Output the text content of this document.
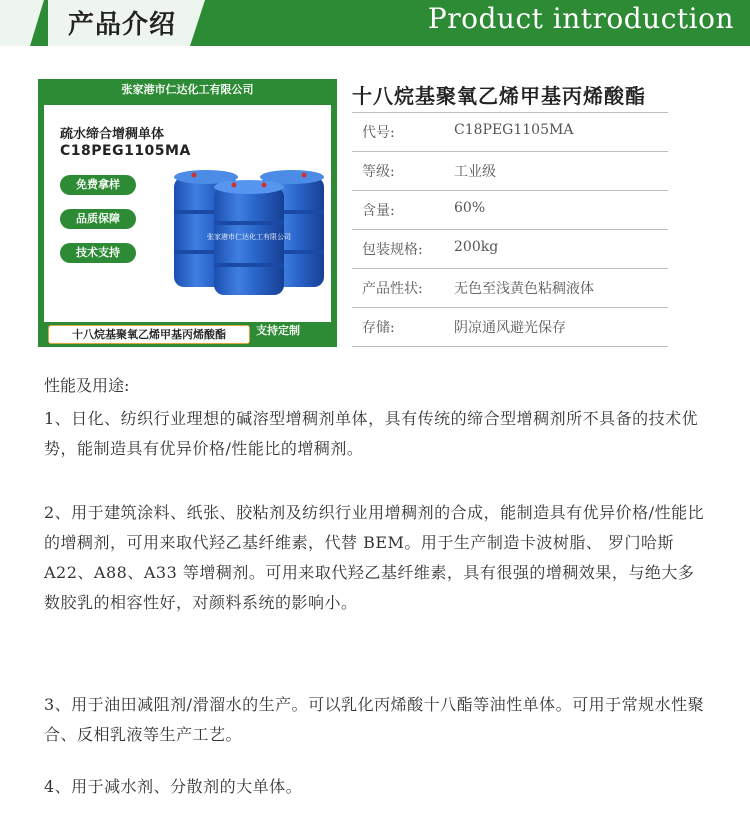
产品介绍	Product introduction
张家港市仁达化工有限公司
疏水缔合增稠单体
C18PEG1105MA
免费拿样
品质保障
技术支持
张家港市仁达化工有限公司
工厂直销
支持定制
十八烷基聚氧乙烯甲基丙烯酸酯
十八烷基聚氧乙烯甲基丙烯酸酯
代号:	C18PEG1105MA
等级:	工业级
含量:	60%
包装规格: 200kg
产品性状: 无色至浅黄色粘稠液体
存储:	阴凉通风避光保存
性能及用途:
1、日化、纺织行业理想的碱溶型增稠剂单体，具有传统的缔合型增稠剂所不具备的技术优势，能制造具有优异价格/性能比的增稠剂。
2、用于建筑涂料、纸张、胶粘剂及纺织行业用增稠剂的合成，能制造具有优异价格/性能比的增稠剂，可用来取代羟乙基纤维素，代替 BEM。用于生产制造卡波树脂、 罗门哈斯 A22、A88、A33 等增稠剂。可用来取代羟乙基纤维素，具有很强的增稠效果，与绝大多数胶乳的相容性好，对颜料系统的影响小。
3、用于油田减阻剂/滑溜水的生产。可以乳化丙烯酸十八酯等油性单体。可用于常规水性聚合、反相乳液等生产工艺。
4、用于减水剂、分散剂的大单体。
